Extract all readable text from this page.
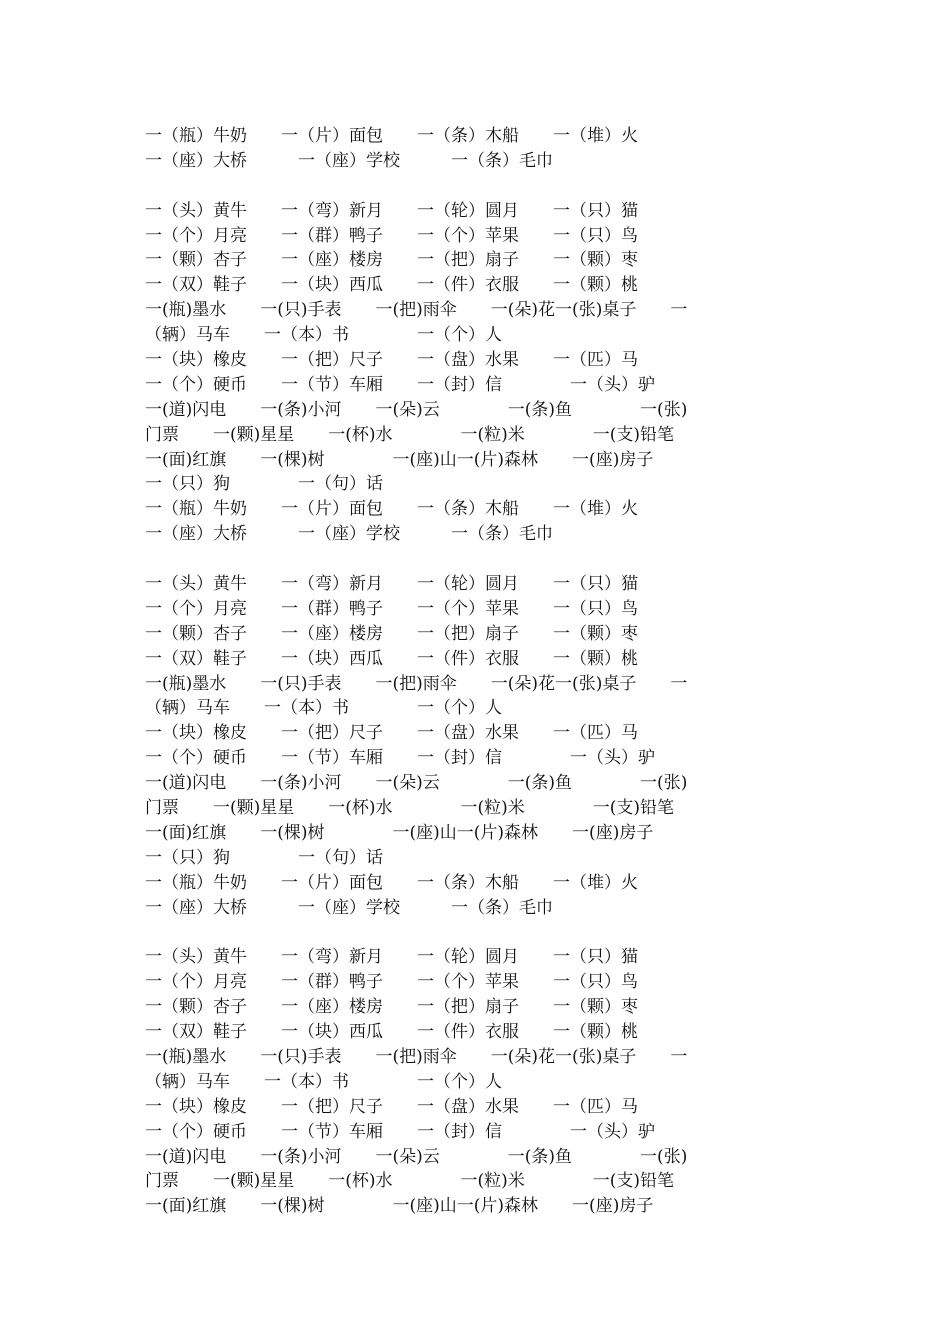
一（瓶）牛奶　　一（片）面包　　一（条）木船　　一（堆）火
一（座）大桥　　　一（座）学校　　　一（条）毛巾
一（头）黄牛　　一（弯）新月　　一（轮）圆月　　一（只）猫
一（个）月亮　　一（群）鸭子　　一（个）苹果　　一（只）鸟
一（颗）杏子　　一（座）楼房　　一（把）扇子　　一（颗）枣
一（双）鞋子　　一（块）西瓜　　一（件）衣服　　一（颗）桃
一(瓶)墨水　　一(只)手表　　一(把)雨伞　　一(朵)花一(张)桌子　　一
（辆）马车　　一（本）书　　　　一（个）人
一（块）橡皮　　一（把）尺子　　一（盘）水果　　一（匹）马
一（个）硬币　　一（节）车厢　　一（封）信　　　　一（头）驴
一(道)闪电　　一(条)小河　　一(朵)云　　　　一(条)鱼　　　　一(张)
门票　　一(颗)星星　　一(杯)水　　　　一(粒)米　　　　一(支)铅笔
一(面)红旗　　一(棵)树　　　　一(座)山一(片)森林　　一(座)房子
一（只）狗　　　　一（句）话
一（瓶）牛奶　　一（片）面包　　一（条）木船　　一（堆）火
一（座）大桥　　　一（座）学校　　　一（条）毛巾
一（头）黄牛　　一（弯）新月　　一（轮）圆月　　一（只）猫
一（个）月亮　　一（群）鸭子　　一（个）苹果　　一（只）鸟
一（颗）杏子　　一（座）楼房　　一（把）扇子　　一（颗）枣
一（双）鞋子　　一（块）西瓜　　一（件）衣服　　一（颗）桃
一(瓶)墨水　　一(只)手表　　一(把)雨伞　　一(朵)花一(张)桌子　　一
（辆）马车　　一（本）书　　　　一（个）人
一（块）橡皮　　一（把）尺子　　一（盘）水果　　一（匹）马
一（个）硬币　　一（节）车厢　　一（封）信　　　　一（头）驴
一(道)闪电　　一(条)小河　　一(朵)云　　　　一(条)鱼　　　　一(张)
门票　　一(颗)星星　　一(杯)水　　　　一(粒)米　　　　一(支)铅笔
一(面)红旗　　一(棵)树　　　　一(座)山一(片)森林　　一(座)房子
一（只）狗　　　　一（句）话
一（瓶）牛奶　　一（片）面包　　一（条）木船　　一（堆）火
一（座）大桥　　　一（座）学校　　　一（条）毛巾
一（头）黄牛　　一（弯）新月　　一（轮）圆月　　一（只）猫
一（个）月亮　　一（群）鸭子　　一（个）苹果　　一（只）鸟
一（颗）杏子　　一（座）楼房　　一（把）扇子　　一（颗）枣
一（双）鞋子　　一（块）西瓜　　一（件）衣服　　一（颗）桃
一(瓶)墨水　　一(只)手表　　一(把)雨伞　　一(朵)花一(张)桌子　　一
（辆）马车　　一（本）书　　　　一（个）人
一（块）橡皮　　一（把）尺子　　一（盘）水果　　一（匹）马
一（个）硬币　　一（节）车厢　　一（封）信　　　　一（头）驴
一(道)闪电　　一(条)小河　　一(朵)云　　　　一(条)鱼　　　　一(张)
门票　　一(颗)星星　　一(杯)水　　　　一(粒)米　　　　一(支)铅笔
一(面)红旗　　一(棵)树　　　　一(座)山一(片)森林　　一(座)房子
